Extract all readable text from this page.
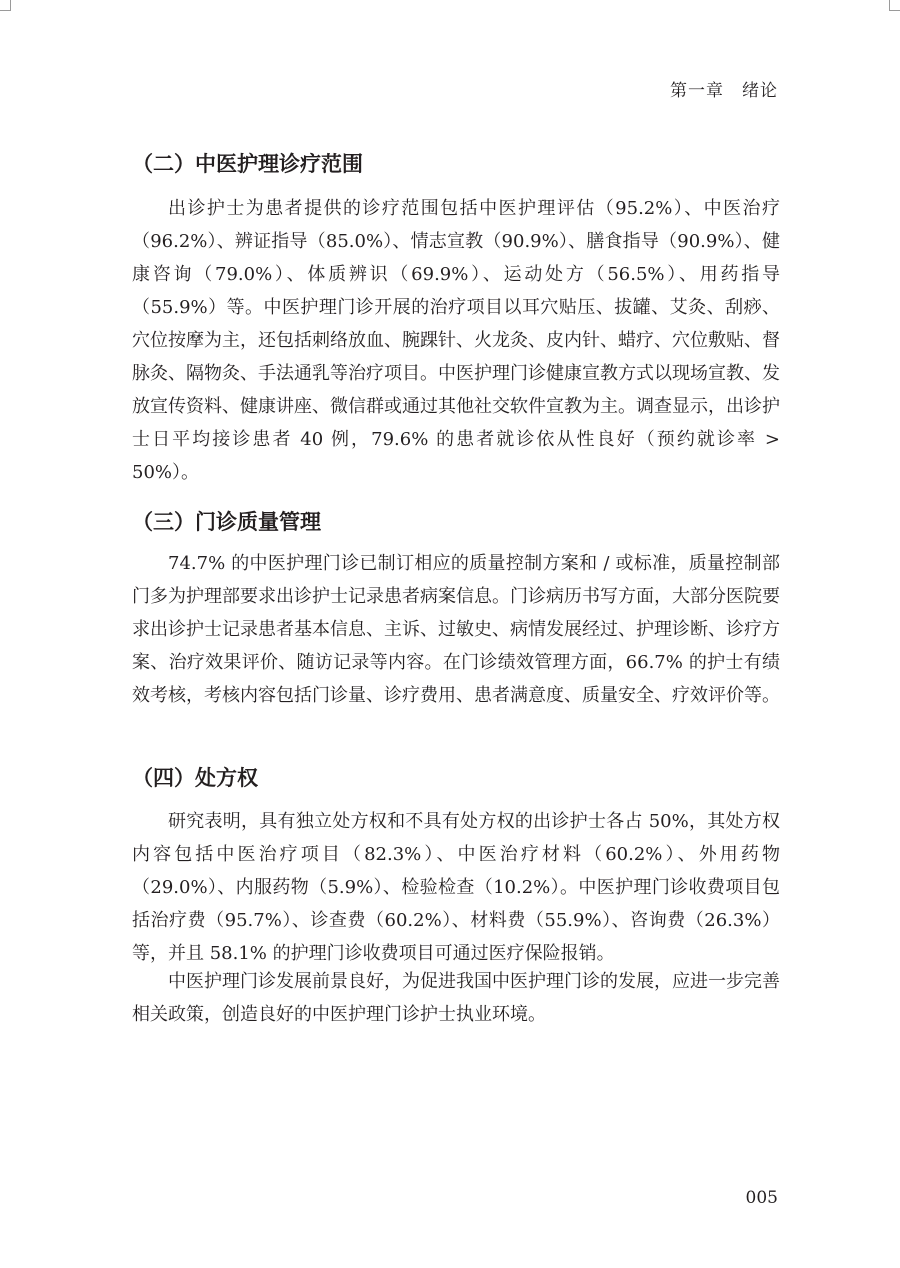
第一章　绪论
（二）中医护理诊疗范围

出诊护士为患者提供的诊疗范围包括中医护理评估（95.2%）、中医治疗（96.2%）、辨证指导（85.0%）、情志宣教（90.9%）、膳食指导（90.9%）、健康咨询（79.0%）、体质辨识（69.9%）、运动处方（56.5%）、用药指导（55.9%）等。中医护理门诊开展的治疗项目以耳穴贴压、拔罐、艾灸、刮痧、穴位按摩为主，还包括刺络放血、腕踝针、火龙灸、皮内针、蜡疗、穴位敷贴、督脉灸、隔物灸、手法通乳等治疗项目。中医护理门诊健康宣教方式以现场宣教、发放宣传资料、健康讲座、微信群或通过其他社交软件宣教为主。调查显示，出诊护士日平均接诊患者 40 例，79.6% 的患者就诊依从性良好（预约就诊率 > 50%）。

（三）门诊质量管理

74.7% 的中医护理门诊已制订相应的质量控制方案和 / 或标准，质量控制部门多为护理部要求出诊护士记录患者病案信息。门诊病历书写方面，大部分医院要求出诊护士记录患者基本信息、主诉、过敏史、病情发展经过、护理诊断、诊疗方案、治疗效果评价、随访记录等内容。在门诊绩效管理方面，66.7% 的护士有绩效考核，考核内容包括门诊量、诊疗费用、患者满意度、质量安全、疗效评价等。

（四）处方权

研究表明，具有独立处方权和不具有处方权的出诊护士各占 50%，其处方权内容包括中医治疗项目（82.3%）、中医治疗材料（60.2%）、外用药物（29.0%）、内服药物（5.9%）、检验检查（10.2%）。中医护理门诊收费项目包括治疗费（95.7%）、诊查费（60.2%）、材料费（55.9%）、咨询费（26.3%）等，并且 58.1% 的护理门诊收费项目可通过医疗保险报销。

中医护理门诊发展前景良好，为促进我国中医护理门诊的发展，应进一步完善相关政策，创造良好的中医护理门诊护士执业环境。

005
